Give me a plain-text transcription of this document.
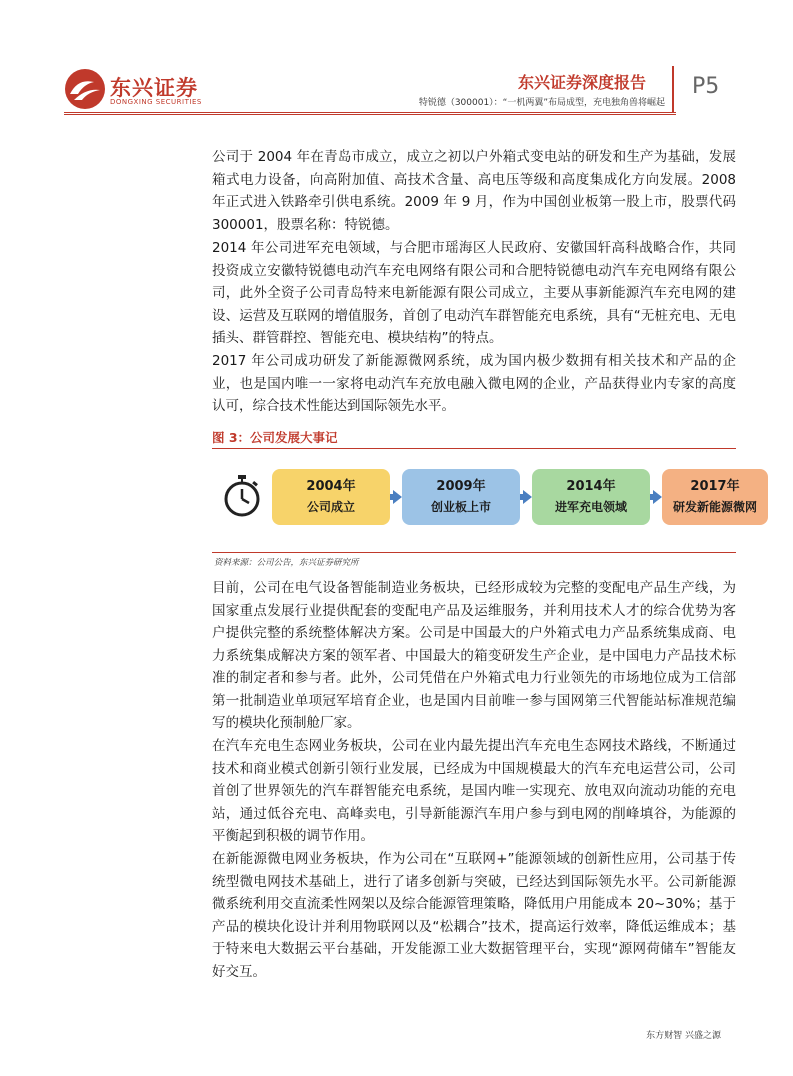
东兴证券
DONGXING SECURITIES
东兴证券深度报告 P5
特锐德（300001）：“一机两翼”布局成型，充电独角兽将崛起

公司于 2004 年在青岛市成立，成立之初以户外箱式变电站的研发和生产为基础，发展箱式电力设备，向高附加值、高技术含量、高电压等级和高度集成化方向发展。2008 年正式进入铁路牵引供电系统。2009 年 9 月，作为中国创业板第一股上市，股票代码 300001，股票名称：特锐德。

2014 年公司进军充电领域，与合肥市瑶海区人民政府、安徽国轩高科战略合作，共同投资成立安徽特锐德电动汽车充电网络有限公司和合肥特锐德电动汽车充电网络有限公司，此外全资子公司青岛特来电新能源有限公司成立，主要从事新能源汽车充电网的建设、运营及互联网的增值服务，首创了电动汽车群智能充电系统，具有“无桩充电、无电插头、群管群控、智能充电、模块结构”的特点。

2017 年公司成功研发了新能源微网系统，成为国内极少数拥有相关技术和产品的企业，也是国内唯一一家将电动汽车充放电融入微电网的企业，产品获得业内专家的高度认可，综合技术性能达到国际领先水平。

图 3：公司发展大事记
2004年
公司成立
2009年
创业板上市
2014年
进军充电领域
2017年
研发新能源微网
资料来源：公司公告，东兴证券研究所

目前，公司在电气设备智能制造业务板块，已经形成较为完整的变配电产品生产线，为国家重点发展行业提供配套的变配电产品及运维服务，并利用技术人才的综合优势为客户提供完整的系统整体解决方案。公司是中国最大的户外箱式电力产品系统集成商、电力系统集成解决方案的领军者、中国最大的箱变研发生产企业，是中国电力产品技术标准的制定者和参与者。此外，公司凭借在户外箱式电力行业领先的市场地位成为工信部第一批制造业单项冠军培育企业，也是国内目前唯一参与国网第三代智能站标准规范编写的模块化预制舱厂家。

在汽车充电生态网业务板块，公司在业内最先提出汽车充电生态网技术路线，不断通过技术和商业模式创新引领行业发展，已经成为中国规模最大的汽车充电运营公司，公司首创了世界领先的汽车群智能充电系统，是国内唯一实现充、放电双向流动功能的充电站，通过低谷充电、高峰卖电，引导新能源汽车用户参与到电网的削峰填谷，为能源的平衡起到积极的调节作用。

在新能源微电网业务板块，作为公司在“互联网+”能源领域的创新性应用，公司基于传统型微电网技术基础上，进行了诸多创新与突破，已经达到国际领先水平。公司新能源微系统利用交直流柔性网架以及综合能源管理策略，降低用户用能成本 20~30%；基于产品的模块化设计并利用物联网以及“松耦合”技术，提高运行效率，降低运维成本；基于特来电大数据云平台基础，开发能源工业大数据管理平台，实现“源网荷储车”智能友好交互。

东方财智 兴盛之源
